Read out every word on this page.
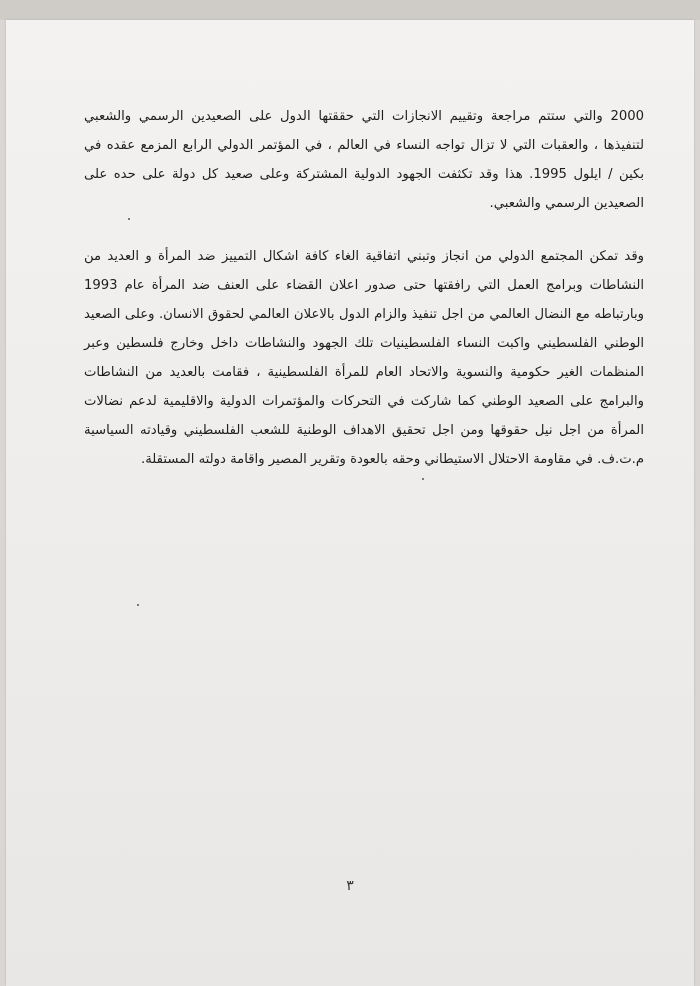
2000 والتي ستتم مراجعة وتقييم الانجازات التي حققتها الدول على الصعيدين الرسمي والشعبي لتنفيذها ، والعقبات التي لا تزال تواجه النساء في العالم ، في المؤتمر الدولي الرابع المزمع عقده في بكين / ايلول 1995. هذا وقد تكثفت الجهود الدولية المشتركة وعلى صعيد كل دولة على حده على الصعيدين الرسمي والشعبي.

وقد تمكن المجتمع الدولي من انجاز وتبني اتفاقية الغاء كافة اشكال التمييز ضد المرأة و العديد من النشاطات وبرامج العمل التي رافقتها حتى صدور اعلان القضاء على العنف ضد المرأة عام 1993 وبارتباطه مع النضال العالمي من اجل تنفيذ والزام الدول بالاعلان العالمي لحقوق الانسان. وعلى الصعيد الوطني الفلسطيني واكبت النساء الفلسطينيات تلك الجهود والنشاطات داخل وخارج فلسطين وعبر المنظمات الغير حكومية والنسوية والاتحاد العام للمرأة الفلسطينية ، فقامت بالعديد من النشاطات والبرامج على الصعيد الوطني كما شاركت في التحركات والمؤتمرات الدولية والاقليمية لدعم نضالات المرأة من اجل نيل حقوقها ومن اجل تحقيق الاهداف الوطنية للشعب الفلسطيني وقيادته السياسية م.ت.ف. في مقاومة الاحتلال الاستيطاني وحقه بالعودة وتقرير المصير واقامة دولته المستقلة.

٣
